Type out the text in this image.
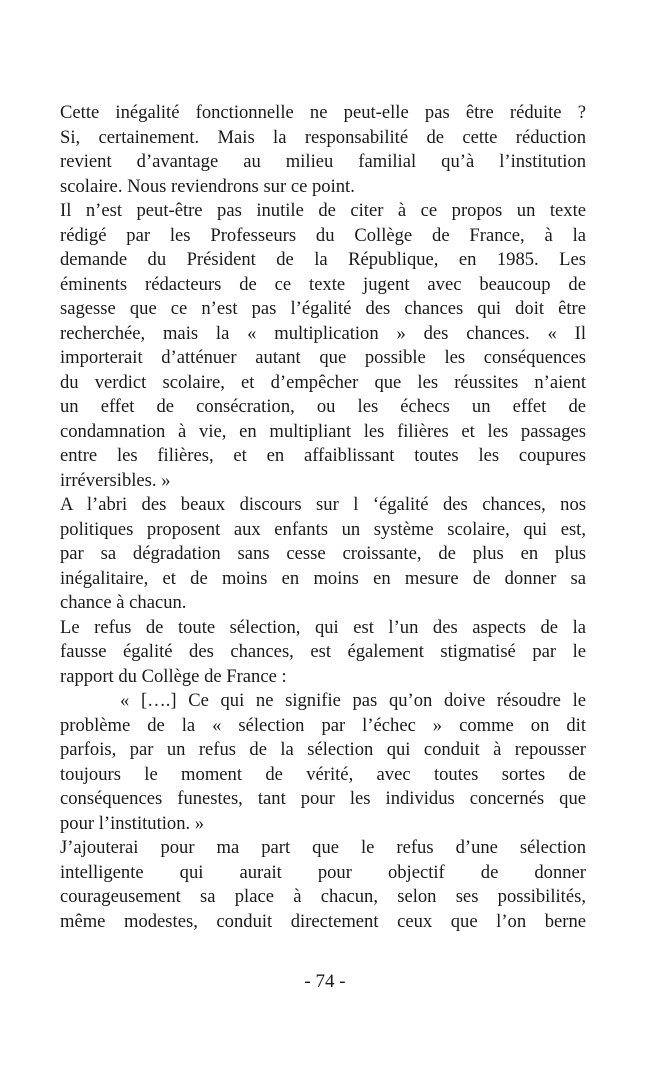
Cette inégalité fonctionnelle ne peut-elle pas être réduite ?
Si, certainement. Mais la responsabilité de cette réduction
revient d’avantage au milieu familial qu’à l’institution
scolaire. Nous reviendrons sur ce point.
Il n’est peut-être pas inutile de citer à ce propos un texte
rédigé par les Professeurs du Collège de France, à la
demande du Président de la République, en 1985. Les
éminents rédacteurs de ce texte jugent avec beaucoup de
sagesse que ce n’est pas l’égalité des chances qui doit être
recherchée, mais la « multiplication » des chances. « Il
importerait d’atténuer autant que possible les conséquences
du verdict scolaire, et d’empêcher que les réussites n’aient
un effet de consécration, ou les échecs un effet de
condamnation à vie, en multipliant les filières et les passages
entre les filières, et en affaiblissant toutes les coupures
irréversibles. »
A l’abri des beaux discours sur l ‘égalité des chances, nos
politiques proposent aux enfants un système scolaire, qui est,
par sa dégradation sans cesse croissante, de plus en plus
inégalitaire, et de moins en moins en mesure de donner sa
chance à chacun.
Le refus de toute sélection, qui est l’un des aspects de la
fausse égalité des chances, est également stigmatisé par le
rapport du Collège de France :
« [….] Ce qui ne signifie pas qu’on doive résoudre le
problème de la « sélection par l’échec » comme on dit
parfois, par un refus de la sélection qui conduit à repousser
toujours le moment de vérité, avec toutes sortes de
conséquences funestes, tant pour les individus concernés que
pour l’institution. »
J’ajouterai pour ma part que le refus d’une sélection
intelligente qui aurait pour objectif de donner
courageusement sa place à chacun, selon ses possibilités,
même modestes, conduit directement ceux que l’on berne
- 74 -
